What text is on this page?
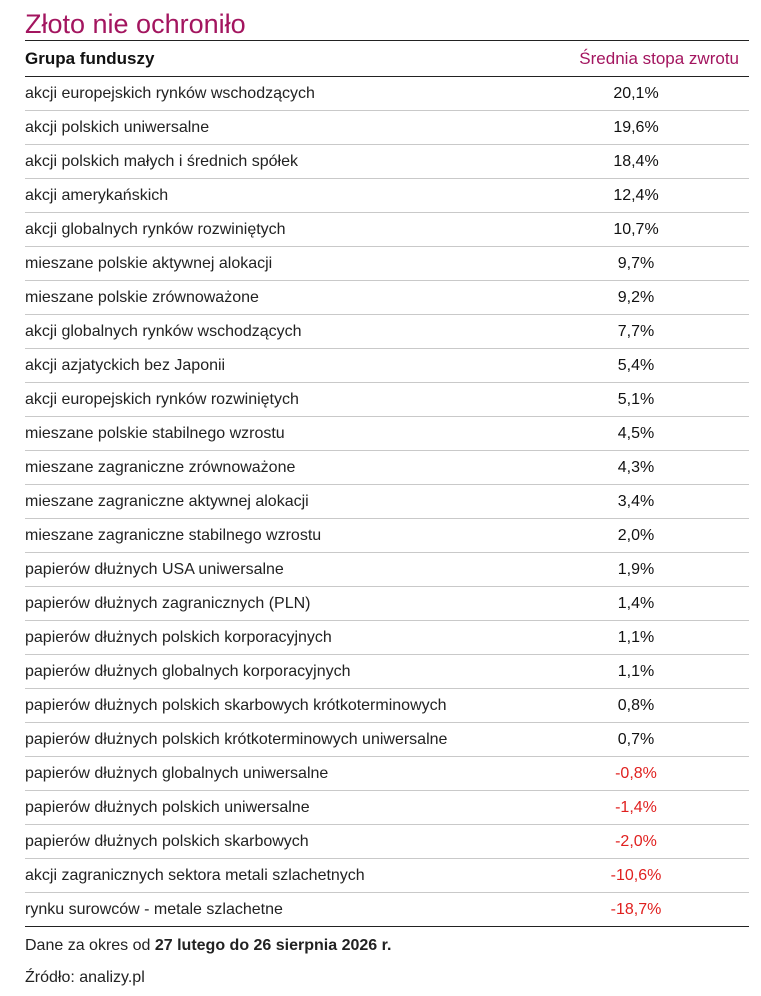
Złoto nie ochroniło
Grupa funduszy	Średnia stopa zwrotu
akcji europejskich rynków wschodzących	20,1%
akcji polskich uniwersalne	19,6%
akcji polskich małych i średnich spółek	18,4%
akcji amerykańskich	12,4%
akcji globalnych rynków rozwiniętych	10,7%
mieszane polskie aktywnej alokacji	9,7%
mieszane polskie zrównoważone	9,2%
akcji globalnych rynków wschodzących	7,7%
akcji azjatyckich bez Japonii	5,4%
akcji europejskich rynków rozwiniętych	5,1%
mieszane polskie stabilnego wzrostu	4,5%
mieszane zagraniczne zrównoważone	4,3%
mieszane zagraniczne aktywnej alokacji	3,4%
mieszane zagraniczne stabilnego wzrostu	2,0%
papierów dłużnych USA uniwersalne	1,9%
papierów dłużnych zagranicznych (PLN)	1,4%
papierów dłużnych polskich korporacyjnych	1,1%
papierów dłużnych globalnych korporacyjnych	1,1%
papierów dłużnych polskich skarbowych krótkoterminowych	0,8%
papierów dłużnych polskich krótkoterminowych uniwersalne	0,7%
papierów dłużnych globalnych uniwersalne	-0,8%
papierów dłużnych polskich uniwersalne	-1,4%
papierów dłużnych polskich skarbowych	-2,0%
akcji zagranicznych sektora metali szlachetnych	-10,6%
rynku surowców - metale szlachetne	-18,7%
Dane za okres od 27 lutego do 26 sierpnia 2026 r.
Źródło: analizy.pl
